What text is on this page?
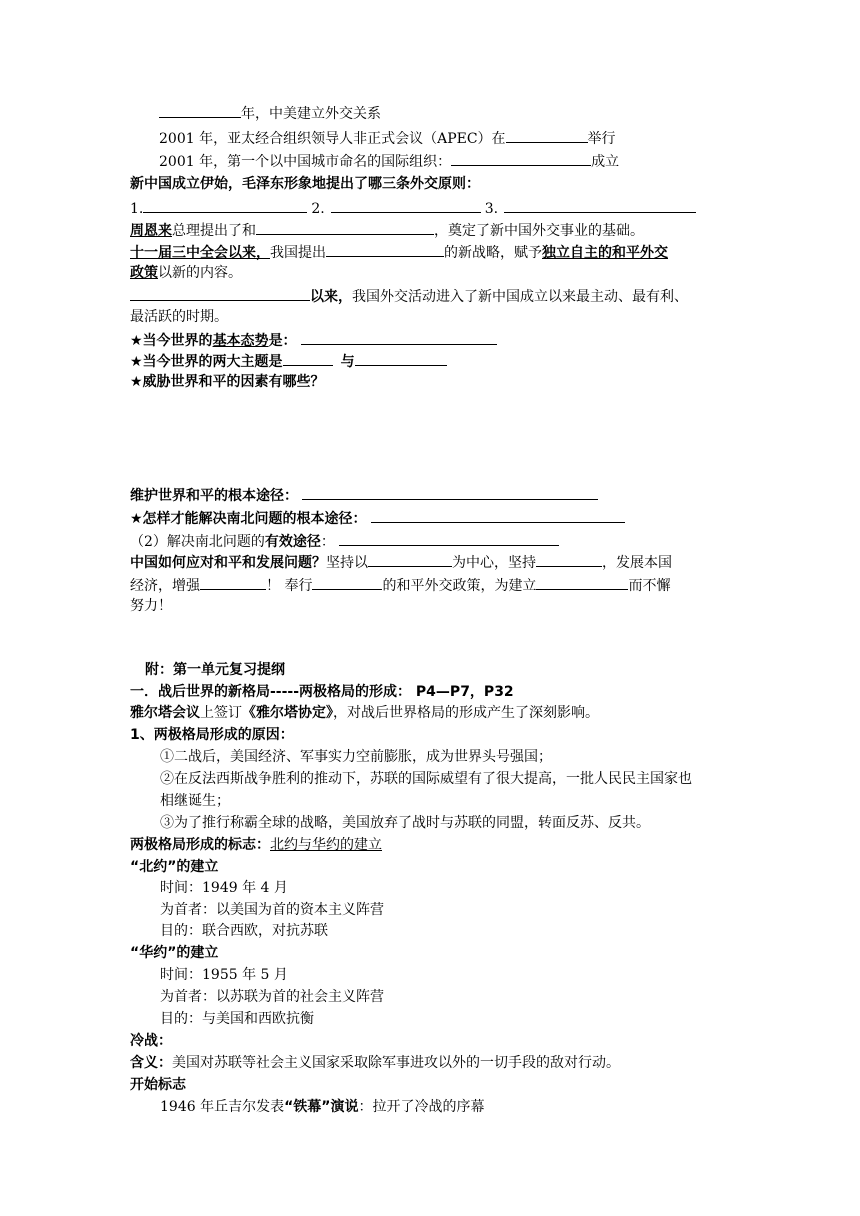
年，中美建立外交关系
2001 年，亚太经合组织领导人非正式会议（APEC）在	举行
2001 年，第一个以中国城市命名的国际组织：	成立
新中国成立伊始，毛泽东形象地提出了哪三条外交原则：
1.	2.	3.
周恩来总理提出了和	，奠定了新中国外交事业的基础。
十一届三中全会以来，我国提出	的新战略，赋予独立自主的和平外交
政策以新的内容。
以来，我国外交活动进入了新中国成立以来最主动、最有利、
最活跃的时期。
★当今世界的基本态势是：
★当今世界的两大主题是	与
★威胁世界和平的因素有哪些？
维护世界和平的根本途径：
★怎样才能解决南北问题的根本途径：
（2）解决南北问题的有效途径：
中国如何应对和平和发展问题？坚持以	为中心，坚持	，发展本国
经济，增强	！ 奉行	的和平外交政策，为建立	而不懈
努力！
附：第一单元复习提纲
一．战后世界的新格局-----两极格局的形成： P4—P7，P32
雅尔塔会议上签订《雅尔塔协定》，对战后世界格局的形成产生了深刻影响。
1、两极格局形成的原因：
①二战后，美国经济、军事实力空前膨胀，成为世界头号强国；
②在反法西斯战争胜利的推动下，苏联的国际威望有了很大提高，一批人民民主国家也
相继诞生；
③为了推行称霸全球的战略，美国放弃了战时与苏联的同盟，转面反苏、反共。
两极格局形成的标志：北约与华约的建立
“北约”的建立
时间：1949 年 4 月
为首者：以美国为首的资本主义阵营
目的：联合西欧，对抗苏联
“华约”的建立
时间：1955 年 5 月
为首者：以苏联为首的社会主义阵营
目的：与美国和西欧抗衡
冷战：
含义：美国对苏联等社会主义国家采取除军事进攻以外的一切手段的敌对行动。
开始标志
1946 年丘吉尔发表“铁幕”演说：拉开了冷战的序幕
